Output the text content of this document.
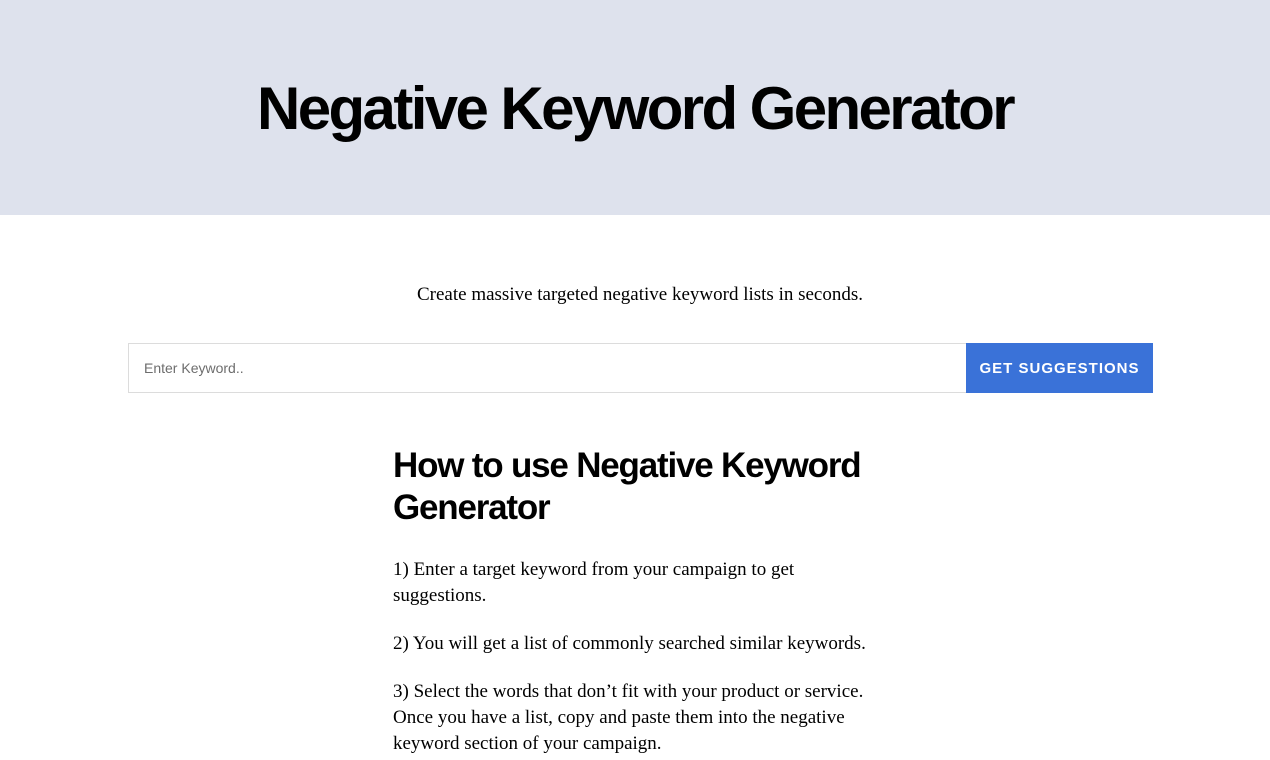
Negative Keyword Generator
Create massive targeted negative keyword lists in seconds.
Enter Keyword..
GET SUGGESTIONS
How to use Negative Keyword Generator

1) Enter a target keyword from your campaign to get suggestions.

2) You will get a list of commonly searched similar keywords.

3) Select the words that don’t fit with your product or service. Once you have a list, copy and paste them into the negative keyword section of your campaign.
